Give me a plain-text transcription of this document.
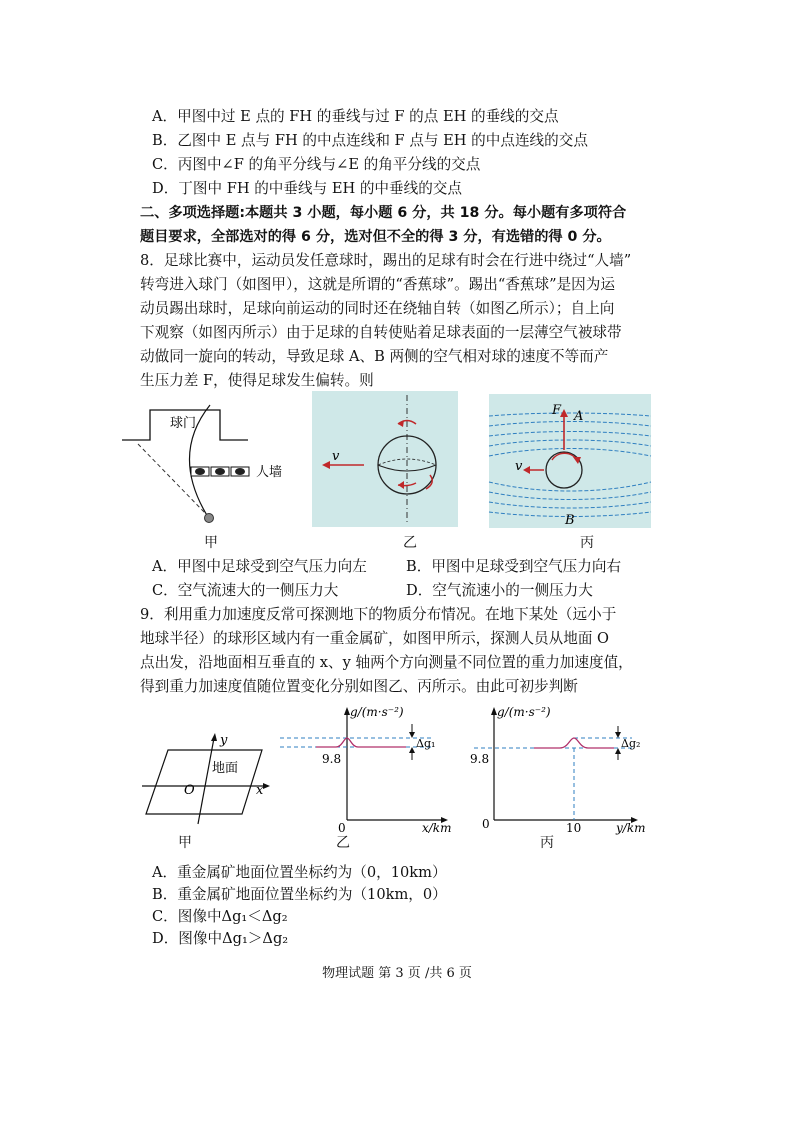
A．甲图中过 E 点的 FH 的垂线与过 F 的点 EH 的垂线的交点
B．乙图中 E 点与 FH 的中点连线和 F 点与 EH 的中点连线的交点
C．丙图中∠F 的角平分线与∠E 的角平分线的交点
D．丁图中 FH 的中垂线与 EH 的中垂线的交点
二、多项选择题:本题共 3 小题，每小题 6 分，共 18 分。每小题有多项符合
题目要求，全部选对的得 6 分，选对但不全的得 3 分，有选错的得 0 分。
8．足球比赛中，运动员发任意球时，踢出的足球有时会在行进中绕过“人墙”
转弯进入球门（如图甲），这就是所谓的“香蕉球”。踢出“香蕉球”是因为运
动员踢出球时，足球向前运动的同时还在绕轴自转（如图乙所示）；自上向
下观察（如图丙所示）由于足球的自转使贴着足球表面的一层薄空气被球带
动做同一旋向的转动，导致足球 A、B 两侧的空气相对球的速度不等而产
生压力差 F，使得足球发生偏转。则
球门
人墙
甲
v
乙
F A
v
B
丙
A．甲图中足球受到空气压力向左	B．甲图中足球受到空气压力向右
C．空气流速大的一侧压力大	D．空气流速小的一侧压力大
9．利用重力加速度反常可探测地下的物质分布情况。在地下某处（远小于
地球半径）的球形区域内有一重金属矿，如图甲所示，探测人员从地面 O
点出发，沿地面相互垂直的 x、y 轴两个方向测量不同位置的重力加速度值，
得到重力加速度值随位置变化分别如图乙、丙所示。由此可初步判断
y
x
O
地面
甲
g/(m·s⁻²)
9.8
0	x/km
Δg₁
乙
g/(m·s⁻²)
9.8
0	10	y/km
Δg₂
丙
A．重金属矿地面位置坐标约为（0，10km）
B．重金属矿地面位置坐标约为（10km，0）
C．图像中Δg₁＜Δg₂
D．图像中Δg₁＞Δg₂
物理试题 第 3 页 /共 6 页
